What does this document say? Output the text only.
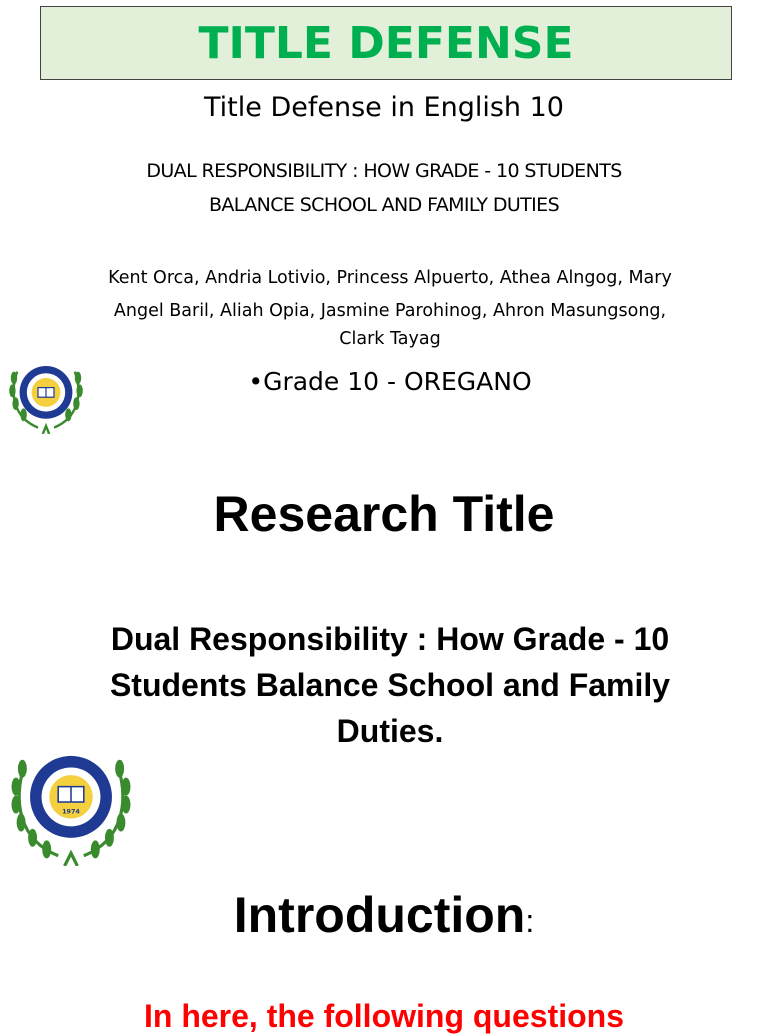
TITLE DEFENSE
Title Defense in English 10
DUAL RESPONSIBILITY : HOW GRADE - 10 STUDENTS
BALANCE SCHOOL AND FAMILY DUTIES
Kent Orca, Andria Lotivio, Princess Alpuerto, Athea Alngog, Mary
Angel Baril, Aliah Opia, Jasmine Parohinog, Ahron Masungsong,
Clark Tayag
•Grade 10 - OREGANO
Research Title
Dual Responsibility : How Grade - 10
Students Balance School and Family
Duties.
1974
Introduction:
In here, the following questions
